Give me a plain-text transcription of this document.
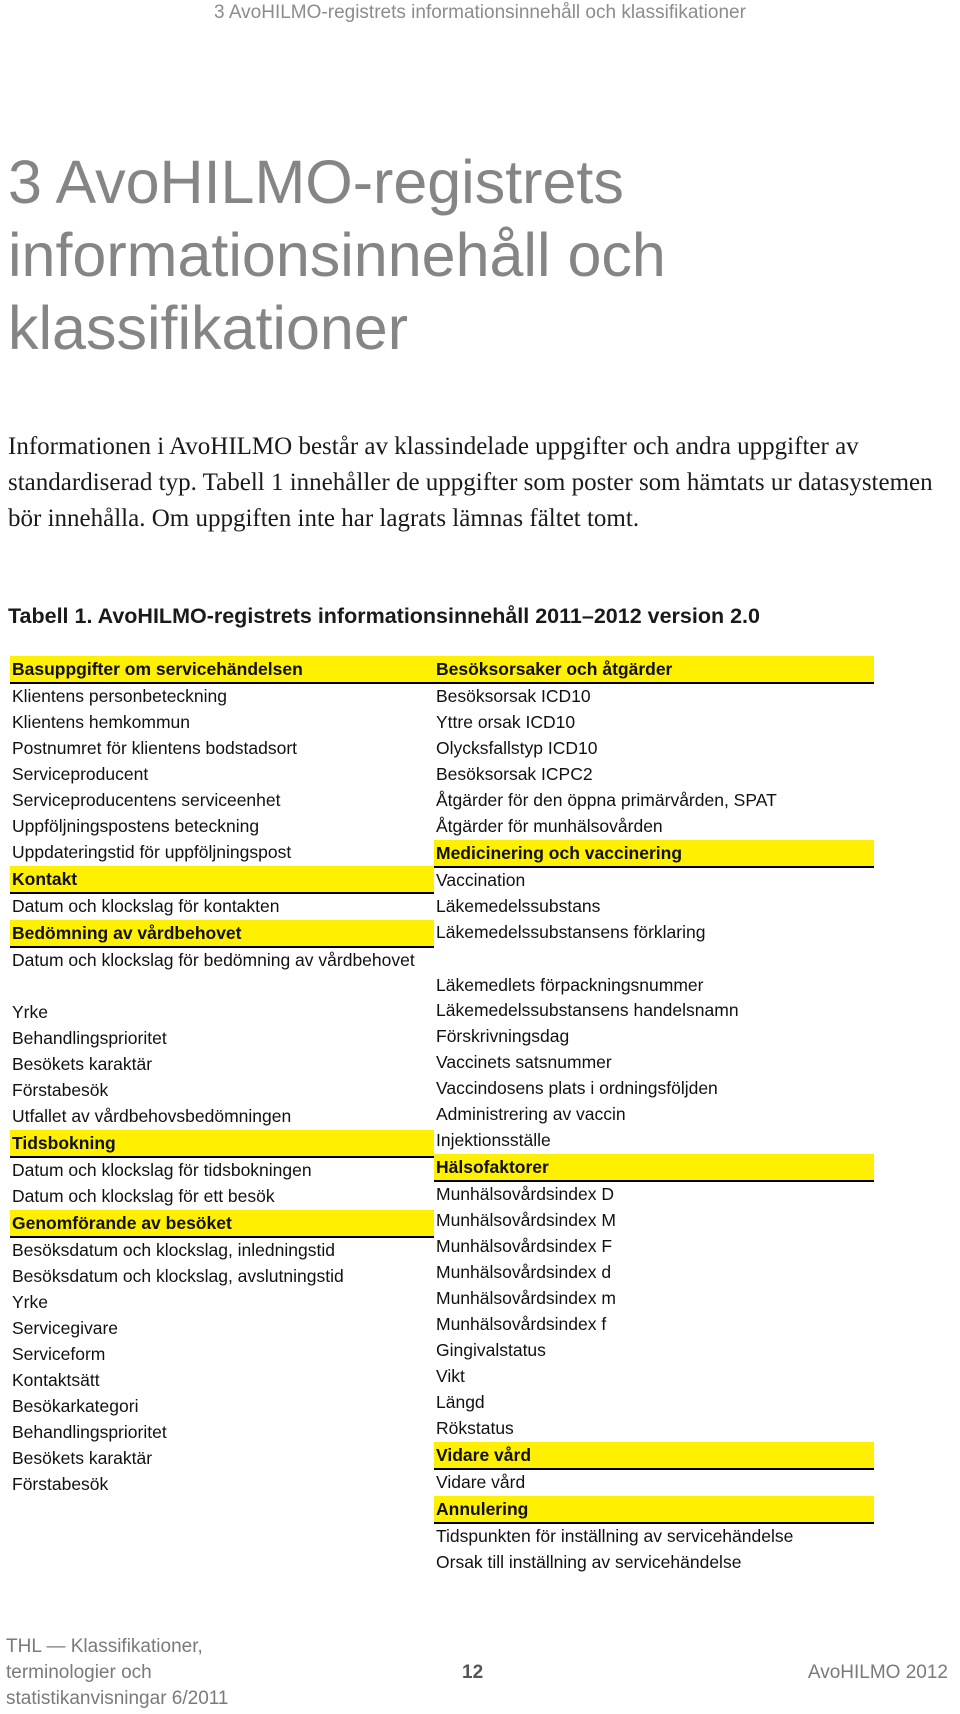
3 AvoHILMO-registrets informationsinnehåll och klassifikationer
3 AvoHILMO-registrets
informationsinnehåll och
klassifikationer

Informationen i AvoHILMO består av klassindelade uppgifter och andra uppgifter av standardiserad typ. Tabell 1 innehåller de uppgifter som poster som hämtats ur datasystemen bör innehålla. Om uppgiften inte har lagrats lämnas fältet tomt.

Tabell 1. AvoHILMO-registrets informationsinnehåll 2011–2012 version 2.0

Basuppgifter om servicehändelsen
Klientens personbeteckning
Klientens hemkommun
Postnumret för klientens bodstadsort
Serviceproducent
Serviceproducentens serviceenhet
Uppföljningspostens beteckning
Uppdateringstid för uppföljningspost
Kontakt
Datum och klockslag för kontakten
Bedömning av vårdbehovet
Datum och klockslag för bedömning av vårdbehovet
Yrke
Behandlingsprioritet
Besökets karaktär
Förstabesök
Utfallet av vårdbehovsbedömningen
Tidsbokning
Datum och klockslag för tidsbokningen
Datum och klockslag för ett besök
Genomförande av besöket
Besöksdatum och klockslag, inledningstid
Besöksdatum och klockslag, avslutningstid
Yrke
Servicegivare
Serviceform
Kontaktsätt
Besökarkategori
Behandlingsprioritet
Besökets karaktär
Förstabesök
Besöksorsaker och åtgärder
Besöksorsak ICD10
Yttre orsak ICD10
Olycksfallstyp ICD10
Besöksorsak ICPC2
Åtgärder för den öppna primärvården, SPAT
Åtgärder för munhälsovården
Medicinering och vaccinering
Vaccination
Läkemedelssubstans
Läkemedelssubstansens förklaring
Läkemedlets förpackningsnummer
Läkemedelssubstansens handelsnamn
Förskrivningsdag
Vaccinets satsnummer
Vaccindosens plats i ordningsföljden
Administrering av vaccin
Injektionsställe
Hälsofaktorer
Munhälsovårdsindex D
Munhälsovårdsindex M
Munhälsovårdsindex F
Munhälsovårdsindex d
Munhälsovårdsindex m
Munhälsovårdsindex f
Gingivalstatus
Vikt
Längd
Rökstatus
Vidare vård
Vidare vård
Annulering
Tidspunkten för inställning av servicehändelse
Orsak till inställning av servicehändelse
THL — Klassifikationer,
terminologier och
statistikanvisningar 6/2011
12	AvoHILMO 2012
